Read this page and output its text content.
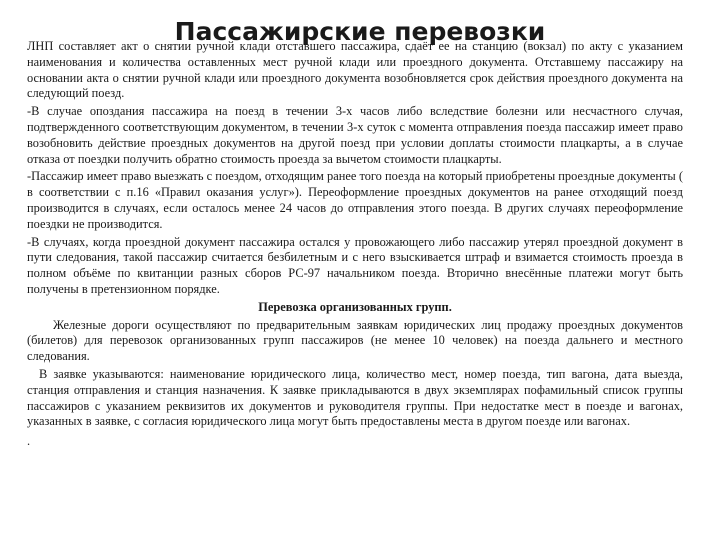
Пассажирские перевозки

ЛНП составляет акт о снятии ручной клади отставшего пассажира, сдаёт ее на станцию (вокзал) по акту с указанием наименования и количества оставленных мест ручной клади или проездного документа. Отставшему пассажиру на основании акта о снятии ручной клади или проездного документа возобновляется срок действия проездного документа на следующий поезд.

-В случае опоздания пассажира на поезд в течении 3-х часов либо вследствие болезни или несчастного случая, подтвержденного соответствующим документом, в течении 3-х суток с момента отправления поезда пассажир имеет право возобновить действие проездных документов на другой поезд при условии доплаты стоимости плацкарты, а в случае отказа от поездки получить обратно стоимость проезда за вычетом стоимости плацкарты.

-Пассажир имеет право выезжать с поездом, отходящим ранее того поезда на который приобретены проездные документы ( в соответствии с п.16 «Правил оказания услуг»). Переоформление проездных документов на ранее отходящий поезд производится в случаях, если осталось менее 24 часов до отправления этого поезда. В других случаях переоформление поездки не производится.

-В случаях, когда проездной документ пассажира остался у провожающего либо пассажир утерял проездной документ в пути следования, такой пассажир считается безбилетным и с него взыскивается штраф и взимается стоимость проезда в полном объёме по квитанции разных сборов РС-97 начальником поезда. Вторично внесённые платежи могут быть получены в претензионном порядке.

Перевозка организованных групп.

Железные дороги осуществляют по предварительным заявкам юридических лиц продажу проездных документов (билетов) для перевозок организованных групп пассажиров (не менее 10 человек) на поезда дальнего и местного следования.

В заявке указываются: наименование юридического лица, количество мест, номер поезда, тип вагона, дата выезда, станция отправления и станция назначения. К заявке прикладываются в двух экземплярах пофамильный список группы пассажиров с указанием реквизитов их документов и руководителя группы. При недостатке мест в поезде и вагонах, указанных в заявке, с согласия юридического лица могут быть предоставлены места в другом поезде или вагонах.

.
